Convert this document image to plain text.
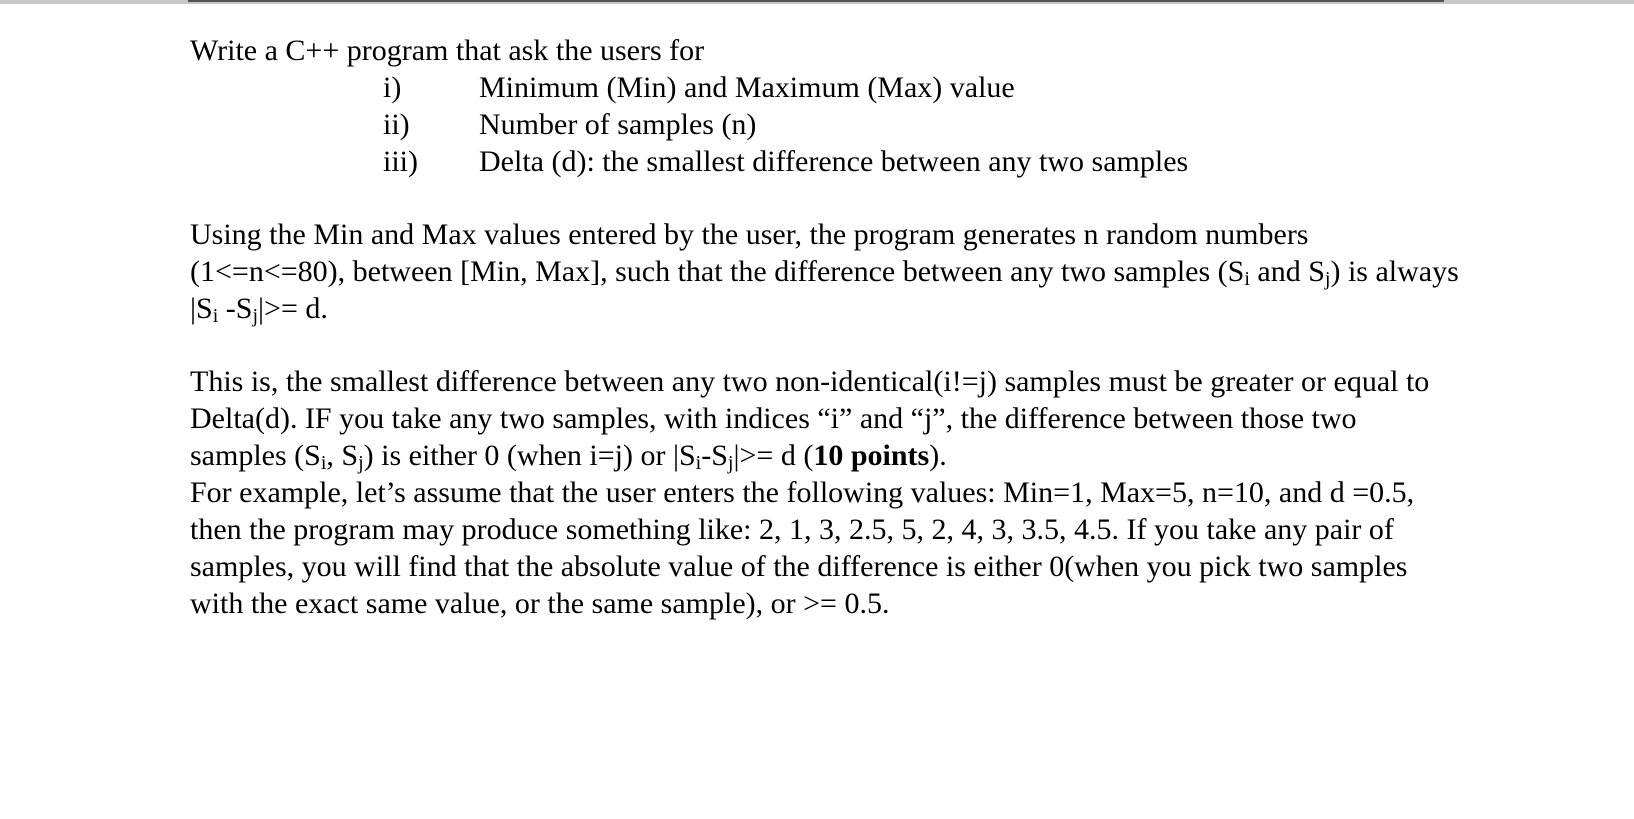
Write a C++ program that ask the users for

i)	Minimum (Min) and Maximum (Max) value
ii)	Number of samples (n)
iii)	Delta (d): the smallest difference between any two samples

Using the Min and Max values entered by the user, the program generates n random numbers (1<=n<=80), between [Min, Max], such that the difference between any two samples ($S_i$ and $S_j$) is always $|S_i$ $-S_j|>= d$.

This is, the smallest difference between any two non-identical(i!=j) samples must be greater or equal to Delta(d). IF you take any two samples, with indices “i” and “j”, the difference between those two samples ($S_i$, $S_j$) is either 0 (when i=j) or $|S_i-S_j|>= d$ (10 points).

For example, let’s assume that the user enters the following values: Min=1, Max=5, n=10, and d =0.5, then the program may produce something like: 2, 1, 3, 2.5, 5, 2, 4, 3, 3.5, 4.5. If you take any pair of samples, you will find that the absolute value of the difference is either 0(when you pick two samples with the exact same value, or the same sample), or >= 0.5.
